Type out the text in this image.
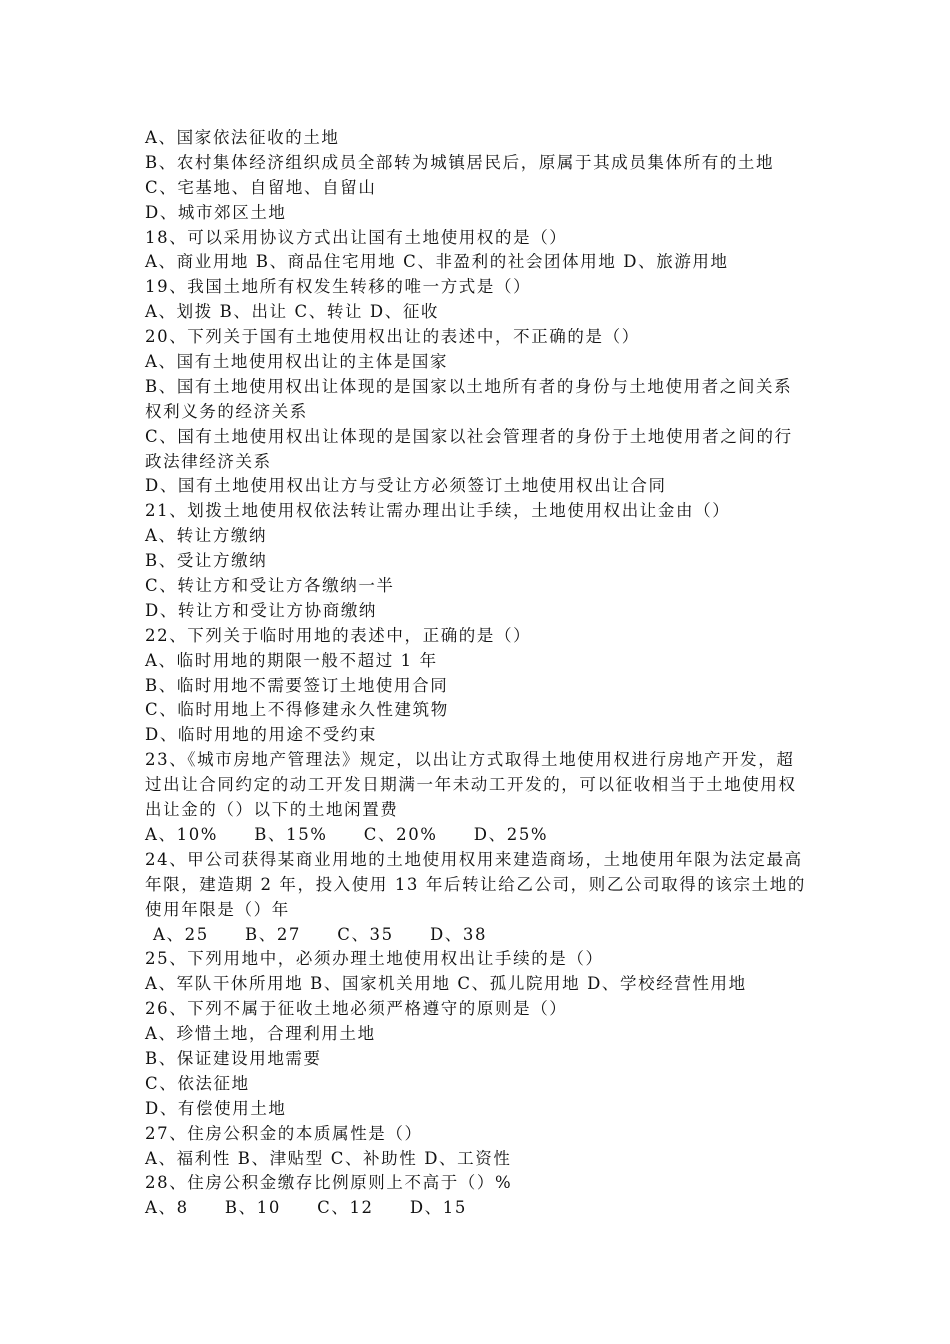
A、国家依法征收的土地
B、农村集体经济组织成员全部转为城镇居民后，原属于其成员集体所有的土地
C、宅基地、自留地、自留山
D、城市郊区土地
18、可以采用协议方式出让国有土地使用权的是（）
A、商业用地 B、商品住宅用地 C、非盈利的社会团体用地 D、旅游用地
19、我国土地所有权发生转移的唯一方式是（）
A、划拨 B、出让 C、转让 D、征收
20、下列关于国有土地使用权出让的表述中，不正确的是（）
A、国有土地使用权出让的主体是国家
B、国有土地使用权出让体现的是国家以土地所有者的身份与土地使用者之间关系
权利义务的经济关系
C、国有土地使用权出让体现的是国家以社会管理者的身份于土地使用者之间的行
政法律经济关系
D、国有土地使用权出让方与受让方必须签订土地使用权出让合同
21、划拨土地使用权依法转让需办理出让手续，土地使用权出让金由（）
A、转让方缴纳
B、受让方缴纳
C、转让方和受让方各缴纳一半
D、转让方和受让方协商缴纳
22、下列关于临时用地的表述中，正确的是（）
A、临时用地的期限一般不超过 1 年
B、临时用地不需要签订土地使用合同
C、临时用地上不得修建永久性建筑物
D、临时用地的用途不受约束
23、《城市房地产管理法》规定，以出让方式取得土地使用权进行房地产开发，超
过出让合同约定的动工开发日期满一年未动工开发的，可以征收相当于土地使用权
出让金的（）以下的土地闲置费
A、10%　　B、15%　　C、20%　　D、25%
24、甲公司获得某商业用地的土地使用权用来建造商场，土地使用年限为法定最高
年限，建造期 2 年，投入使用 13 年后转让给乙公司，则乙公司取得的该宗土地的
使用年限是（）年
A、25　　B、27　　C、35　　D、38
25、下列用地中，必须办理土地使用权出让手续的是（）
A、军队干休所用地 B、国家机关用地 C、孤儿院用地 D、学校经营性用地
26、下列不属于征收土地必须严格遵守的原则是（）
A、珍惜土地，合理利用土地
B、保证建设用地需要
C、依法征地
D、有偿使用土地
27、住房公积金的本质属性是（）
A、福利性 B、津贴型 C、补助性 D、工资性
28、住房公积金缴存比例原则上不高于（）%
A、8　　B、10　　C、12　　D、15
